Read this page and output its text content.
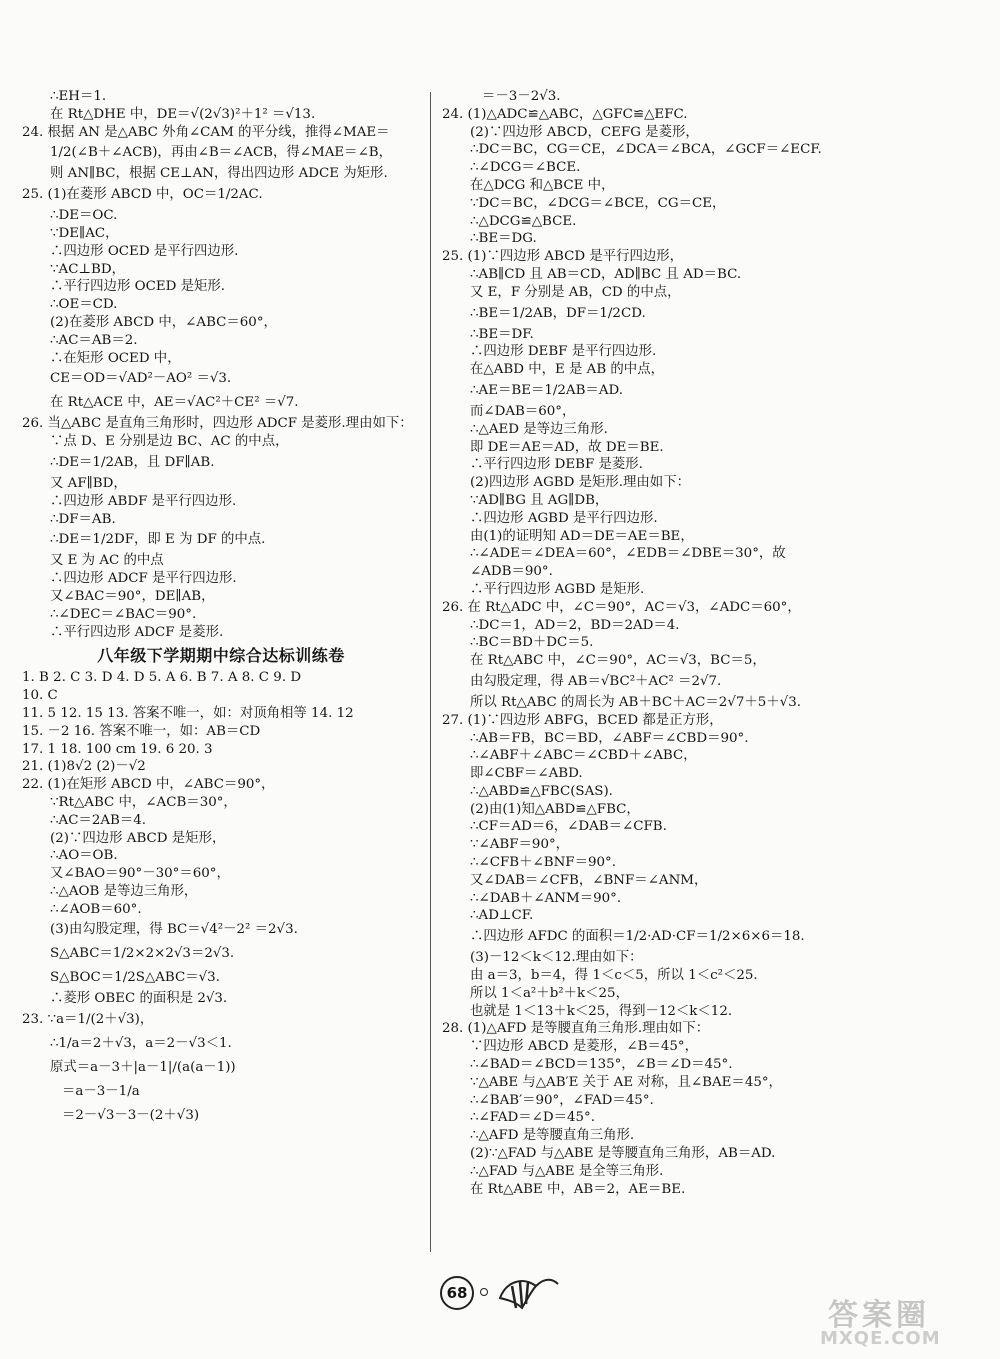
∴EH＝1.
在 Rt△DHE 中，DE＝√(2√3)²＋1² ＝√13.
24. 根据 AN 是△ABC 外角∠CAM 的平分线，推得∠MAE＝
1/2(∠B＋∠ACB)，再由∠B＝∠ACB，得∠MAE＝∠B，
则 AN∥BC，根据 CE⊥AN，得出四边形 ADCE 为矩形.
25. (1)在菱形 ABCD 中，OC＝1/2AC.
∴DE＝OC.
∵DE∥AC，
∴四边形 OCED 是平行四边形.
∵AC⊥BD，
∴平行四边形 OCED 是矩形.
∴OE＝CD.
(2)在菱形 ABCD 中，∠ABC＝60°，
∴AC＝AB＝2.
∴在矩形 OCED 中，
CE＝OD＝√AD²－AO² ＝√3.
在 Rt△ACE 中，AE＝√AC²＋CE² ＝√7.
26. 当△ABC 是直角三角形时，四边形 ADCF 是菱形.理由如下：
∵点 D、E 分别是边 BC、AC 的中点，
∴DE＝1/2AB，且 DF∥AB.
又 AF∥BD，
∴四边形 ABDF 是平行四边形.
∴DF＝AB.
∴DE＝1/2DF，即 E 为 DF 的中点.
又 E 为 AC 的中点
∴四边形 ADCF 是平行四边形.
又∠BAC＝90°，DE∥AB，
∴∠DEC＝∠BAC＝90°.
∴平行四边形 ADCF 是菱形.
八年级下学期期中综合达标训练卷
1. B 2. C 3. D 4. D 5. A 6. B 7. A 8. C 9. D
10. C
11. 5 12. 15 13. 答案不唯一，如：对顶角相等 14. 12
15. －2 16. 答案不唯一，如：AB＝CD
17. 1 18. 100 cm 19. 6 20. 3
21. (1)8√2 (2)－√2
22. (1)在矩形 ABCD 中，∠ABC＝90°，
∵Rt△ABC 中，∠ACB＝30°，
∴AC＝2AB＝4.
(2)∵四边形 ABCD 是矩形，
∴AO＝OB.
又∠BAO＝90°－30°＝60°，
∴△AOB 是等边三角形，
∴∠AOB＝60°.
(3)由勾股定理，得 BC＝√4²－2² ＝2√3.
S△ABC＝1/2×2×2√3＝2√3.
S△BOC＝1/2S△ABC＝√3.
∴菱形 OBEC 的面积是 2√3.
23. ∵a＝1/(2＋√3)，
∴1/a＝2＋√3，a＝2－√3＜1.
原式＝a－3＋|a－1|/(a(a－1))
＝a－3－1/a
＝2－√3－3－(2＋√3)
＝－3－2√3.
24. (1)△ADC≌△ABC，△GFC≌△EFC.
(2)∵四边形 ABCD，CEFG 是菱形，
∴DC＝BC，CG＝CE，∠DCA＝∠BCA，∠GCF＝∠ECF.
∴∠DCG＝∠BCE.
在△DCG 和△BCE 中，
∵DC＝BC，∠DCG＝∠BCE，CG＝CE，
∴△DCG≌△BCE.
∴BE＝DG.
25. (1)∵四边形 ABCD 是平行四边形，
∴AB∥CD 且 AB＝CD，AD∥BC 且 AD＝BC.
又 E，F 分别是 AB，CD 的中点，
∴BE＝1/2AB，DF＝1/2CD.
∴BE＝DF.
∴四边形 DEBF 是平行四边形.
在△ABD 中，E 是 AB 的中点，
∴AE＝BE＝1/2AB＝AD.
而∠DAB＝60°，
∴△AED 是等边三角形.
即 DE＝AE＝AD，故 DE＝BE.
∴平行四边形 DEBF 是菱形.
(2)四边形 AGBD 是矩形.理由如下：
∵AD∥BG 且 AG∥DB，
∴四边形 AGBD 是平行四边形.
由(1)的证明知 AD＝DE＝AE＝BE，
∴∠ADE＝∠DEA＝60°，∠EDB＝∠DBE＝30°，故
∠ADB＝90°.
∴平行四边形 AGBD 是矩形.
26. 在 Rt△ADC 中，∠C＝90°，AC＝√3，∠ADC＝60°，
∴DC＝1，AD＝2，BD＝2AD＝4.
∴BC＝BD＋DC＝5.
在 Rt△ABC 中，∠C＝90°，AC＝√3，BC＝5，
由勾股定理，得 AB＝√BC²＋AC² ＝2√7.
所以 Rt△ABC 的周长为 AB＋BC＋AC＝2√7＋5＋√3.
27. (1)∵四边形 ABFG，BCED 都是正方形，
∴AB＝FB，BC＝BD，∠ABF＝∠CBD＝90°.
∴∠ABF＋∠ABC＝∠CBD＋∠ABC，
即∠CBF＝∠ABD.
∴△ABD≌△FBC(SAS).
(2)由(1)知△ABD≌△FBC，
∴CF＝AD＝6，∠DAB＝∠CFB.
∵∠ABF＝90°，
∴∠CFB＋∠BNF＝90°.
又∠DAB＝∠CFB，∠BNF＝∠ANM，
∴∠DAB＋∠ANM＝90°.
∴AD⊥CF.
∴四边形 AFDC 的面积＝1/2·AD·CF＝1/2×6×6＝18.
(3)－12＜k＜12.理由如下：
由 a＝3，b＝4，得 1＜c＜5，所以 1＜c²＜25.
所以 1＜a²＋b²＋k＜25，
也就是 1＜13＋k＜25，得到－12＜k＜12.
28. (1)△AFD 是等腰直角三角形.理由如下：
∵四边形 ABCD 是菱形，∠B＝45°，
∴∠BAD＝∠BCD＝135°，∠B＝∠D＝45°.
∵△ABE 与△AB′E 关于 AE 对称，且∠BAE＝45°，
∴∠BAB′＝90°，∠FAD＝45°.
∴∠FAD＝∠D＝45°.
∴△AFD 是等腰直角三角形.
(2)∵△FAD 与△ABE 是等腰直角三角形，AB＝AD.
∴△FAD 与△ABE 是全等三角形.
在 Rt△ABE 中，AB＝2，AE＝BE.
68
答案圈
MXQE.COM
